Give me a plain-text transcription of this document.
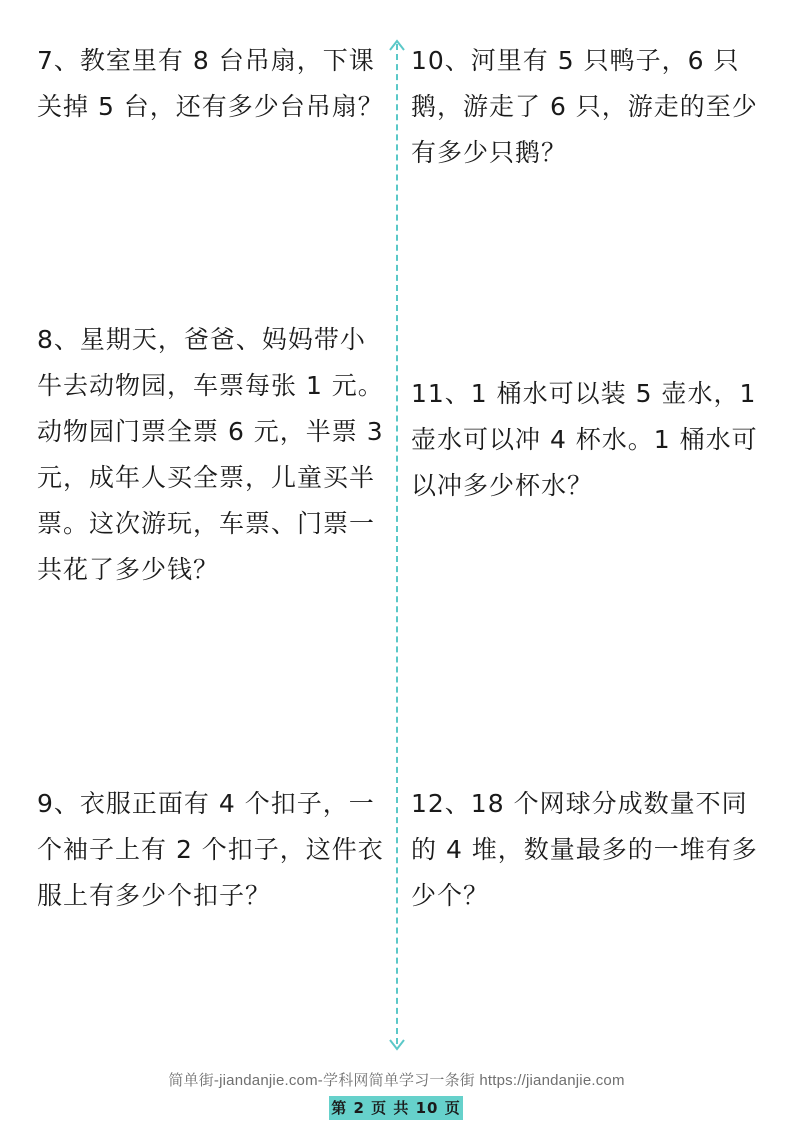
7、教室里有 8 台吊扇，下课关掉 5 台，还有多少台吊扇？

8、星期天，爸爸、妈妈带小牛去动物园，车票每张 1 元。动物园门票全票 6 元，半票 3 元，成年人买全票，儿童买半票。这次游玩，车票、门票一共花了多少钱？

9、衣服正面有 4 个扣子，一个袖子上有 2 个扣子，这件衣服上有多少个扣子？

10、河里有 5 只鸭子，6 只鹅，游走了 6 只，游走的至少有多少只鹅？

11、1 桶水可以装 5 壶水，1 壶水可以冲 4 杯水。1 桶水可以冲多少杯水？

12、18 个网球分成数量不同的 4 堆，数量最多的一堆有多少个？

简单街-jiandanjie.com-学科网简单学习一条街 https://jiandanjie.com
第 2 页 共 10 页
